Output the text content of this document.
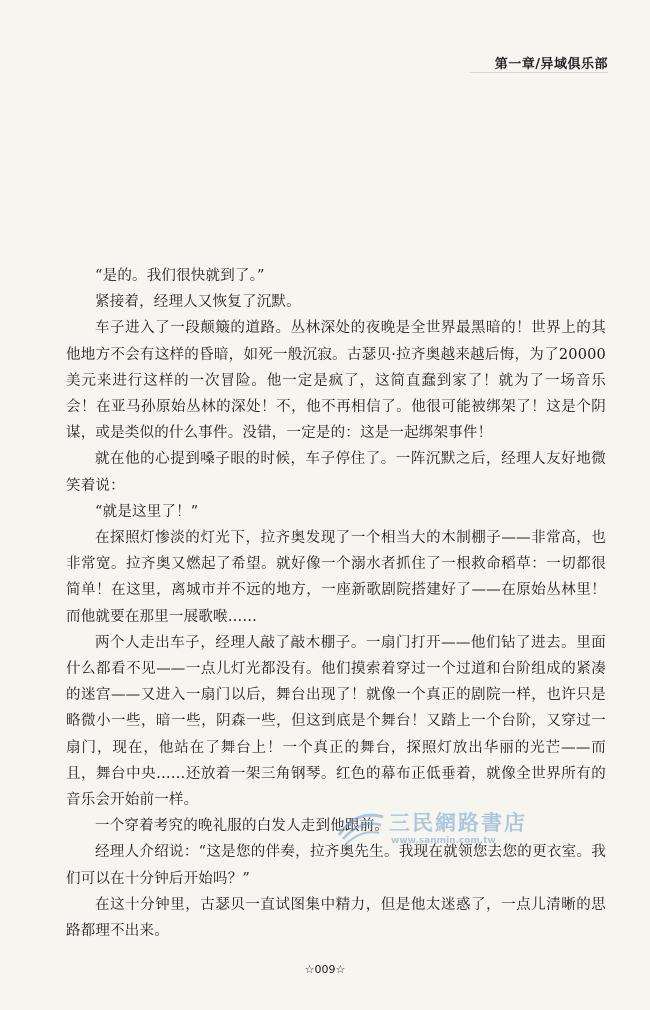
第一章/异域俱乐部

“是的。我们很快就到了。”

紧接着，经理人又恢复了沉默。

车子进入了一段颠簸的道路。丛林深处的夜晚是全世界最黑暗的！世界上的其他地方不会有这样的昏暗，如死一般沉寂。古瑟贝·拉齐奥越来越后悔，为了20000美元来进行这样的一次冒险。他一定是疯了，这简直蠢到家了！就为了一场音乐会！在亚马孙原始丛林的深处！不，他不再相信了。他很可能被绑架了！这是个阴谋，或是类似的什么事件。没错，一定是的：这是一起绑架事件！

就在他的心提到嗓子眼的时候，车子停住了。一阵沉默之后，经理人友好地微笑着说：

“就是这里了！”

在探照灯惨淡的灯光下，拉齐奥发现了一个相当大的木制棚子——非常高，也非常宽。拉齐奥又燃起了希望。就好像一个溺水者抓住了一根救命稻草：一切都很简单！在这里，离城市并不远的地方，一座新歌剧院搭建好了——在原始丛林里！而他就要在那里一展歌喉……

两个人走出车子，经理人敲了敲木棚子。一扇门打开——他们钻了进去。里面什么都看不见——一点儿灯光都没有。他们摸索着穿过一个过道和台阶组成的紧凑的迷宫——又进入一扇门以后，舞台出现了！就像一个真正的剧院一样，也许只是略微小一些，暗一些，阴森一些，但这到底是个舞台！又踏上一个台阶，又穿过一扇门，现在，他站在了舞台上！一个真正的舞台，探照灯放出华丽的光芒——而且，舞台中央……还放着一架三角钢琴。红色的幕布正低垂着，就像全世界所有的音乐会开始前一样。

一个穿着考究的晚礼服的白发人走到他跟前。

经理人介绍说：“这是您的伴奏，拉齐奥先生。我现在就领您去您的更衣室。我们可以在十分钟后开始吗？”

在这十分钟里，古瑟贝一直试图集中精力，但是他太迷惑了，一点儿清晰的思路都理不出来。

三民網路書店
www.sanmin.com.tw
☆009☆
